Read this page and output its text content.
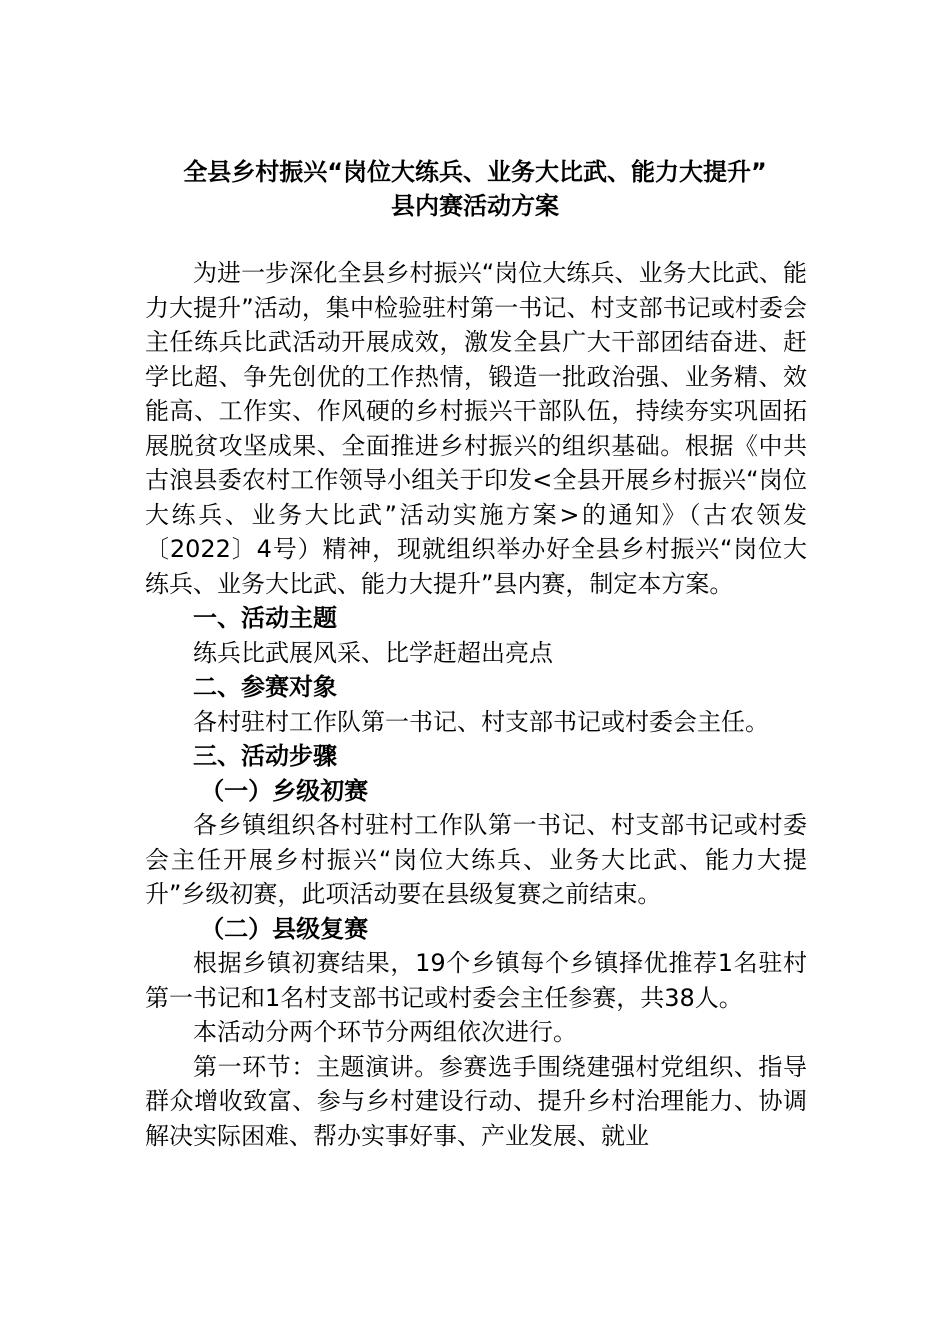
全县乡村振兴“岗位大练兵、业务大比武、能力大提升”
县内赛活动方案

为进一步深化全县乡村振兴“岗位大练兵、业务大比武、能力大提升”活动，集中检验驻村第一书记、村支部书记或村委会主任练兵比武活动开展成效，激发全县广大干部团结奋进、赶学比超、争先创优的工作热情，锻造一批政治强、业务精、效能高、工作实、作风硬的乡村振兴干部队伍，持续夯实巩固拓展脱贫攻坚成果、全面推进乡村振兴的组织基础。根据《中共古浪县委农村工作领导小组关于印发<全县开展乡村振兴“岗位大练兵、业务大比武”活动实施方案>的通知》（古农领发〔2022〕4号）精神，现就组织举办好全县乡村振兴“岗位大练兵、业务大比武、能力大提升”县内赛，制定本方案。

一、活动主题

练兵比武展风采、比学赶超出亮点

二、参赛对象

各村驻村工作队第一书记、村支部书记或村委会主任。

三、活动步骤

（一）乡级初赛

各乡镇组织各村驻村工作队第一书记、村支部书记或村委会主任开展乡村振兴“岗位大练兵、业务大比武、能力大提升”乡级初赛，此项活动要在县级复赛之前结束。

（二）县级复赛

根据乡镇初赛结果，19个乡镇每个乡镇择优推荐1名驻村第一书记和1名村支部书记或村委会主任参赛，共38人。

本活动分两个环节分两组依次进行。

第一环节：主题演讲。参赛选手围绕建强村党组织、指导群众增收致富、参与乡村建设行动、提升乡村治理能力、协调解决实际困难、帮办实事好事、产业发展、就业
